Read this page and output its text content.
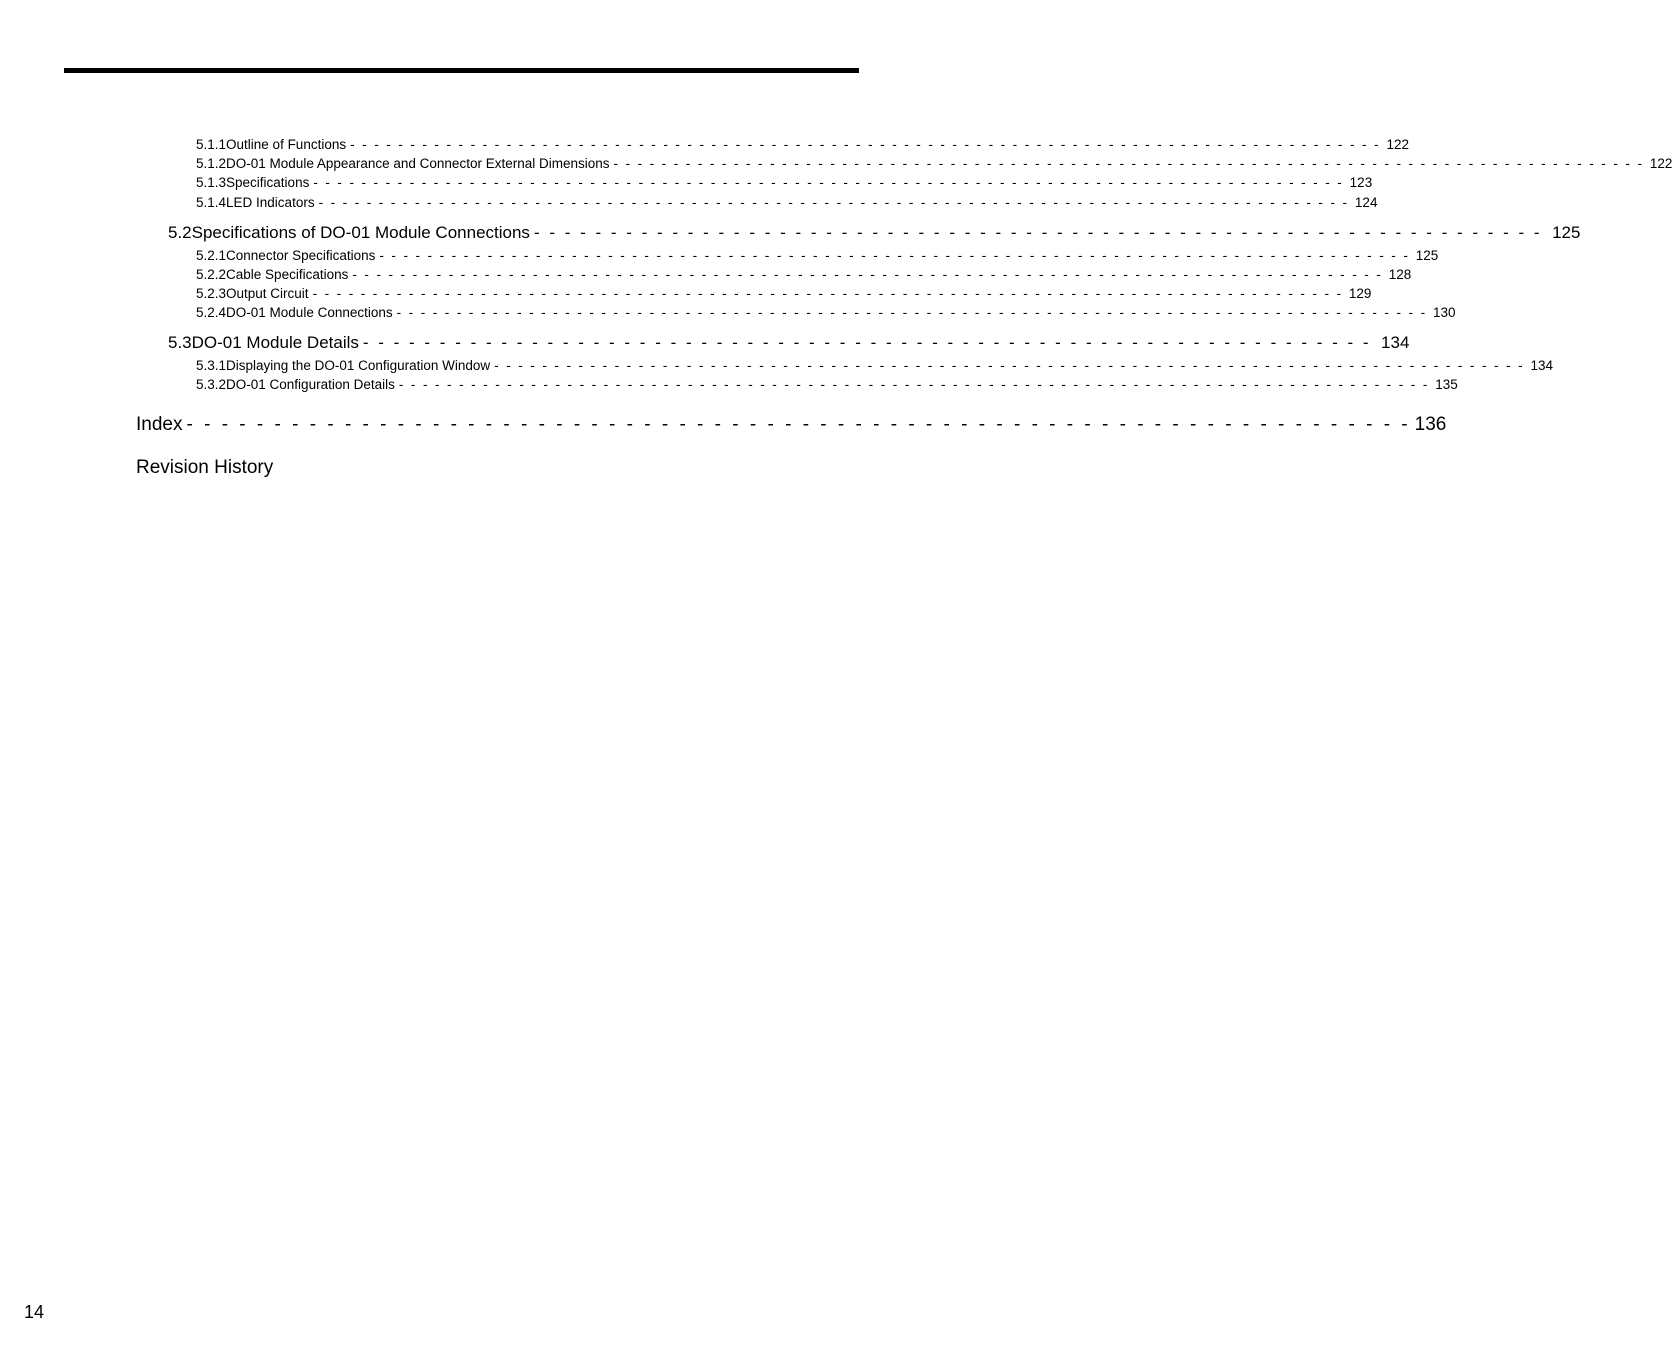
5.1.1 Outline of Functions - - - - - - - - - - - - - - - - - - - - - - - - - - - - - - - - - - - - - - - - - - - - - - - - - - - - - - - - - - - - - - - - - - - - - - - - - - - - - - - - - - - - - - 122
5.1.2 DO-01 Module Appearance and Connector External Dimensions - - - - - - - - - - - - - - - - - - - - - - - - - - - - - - - - - - - - - - - - - - - - - - - - - - - - - - - - - - - - - - - - - - - - - - - - - - - - - - - - - - - - - - 122
5.1.3 Specifications - - - - - - - - - - - - - - - - - - - - - - - - - - - - - - - - - - - - - - - - - - - - - - - - - - - - - - - - - - - - - - - - - - - - - - - - - - - - - - - - - - - - - - 123
5.1.4 LED Indicators - - - - - - - - - - - - - - - - - - - - - - - - - - - - - - - - - - - - - - - - - - - - - - - - - - - - - - - - - - - - - - - - - - - - - - - - - - - - - - - - - - - - - - 124
5.2 Specifications of DO-01 Module Connections - - - - - - - - - - - - - - - - - - - - - - - - - - - - - - - - - - - - - - - - - - - - - - - - - - - - - - - - - - - - - - - - - - 125
5.2.1 Connector Specifications - - - - - - - - - - - - - - - - - - - - - - - - - - - - - - - - - - - - - - - - - - - - - - - - - - - - - - - - - - - - - - - - - - - - - - - - - - - - - - - - - - - - - - 125
5.2.2 Cable Specifications - - - - - - - - - - - - - - - - - - - - - - - - - - - - - - - - - - - - - - - - - - - - - - - - - - - - - - - - - - - - - - - - - - - - - - - - - - - - - - - - - - - - - - 128
5.2.3 Output Circuit - - - - - - - - - - - - - - - - - - - - - - - - - - - - - - - - - - - - - - - - - - - - - - - - - - - - - - - - - - - - - - - - - - - - - - - - - - - - - - - - - - - - - - 129
5.2.4 DO-01 Module Connections - - - - - - - - - - - - - - - - - - - - - - - - - - - - - - - - - - - - - - - - - - - - - - - - - - - - - - - - - - - - - - - - - - - - - - - - - - - - - - - - - - - - - - 130
5.3 DO-01 Module Details - - - - - - - - - - - - - - - - - - - - - - - - - - - - - - - - - - - - - - - - - - - - - - - - - - - - - - - - - - - - - - - - - - 134
5.3.1 Displaying the DO-01 Configuration Window - - - - - - - - - - - - - - - - - - - - - - - - - - - - - - - - - - - - - - - - - - - - - - - - - - - - - - - - - - - - - - - - - - - - - - - - - - - - - - - - - - - - - - 134
5.3.2 DO-01 Configuration Details - - - - - - - - - - - - - - - - - - - - - - - - - - - - - - - - - - - - - - - - - - - - - - - - - - - - - - - - - - - - - - - - - - - - - - - - - - - - - - - - - - - - - - 135
Index - - - - - - - - - - - - - - - - - - - - - - - - - - - - - - - - - - - - - - - - - - - - - - - - - - - - - - - - - - - - - - - - - - - - - - 136
Revision History
14
